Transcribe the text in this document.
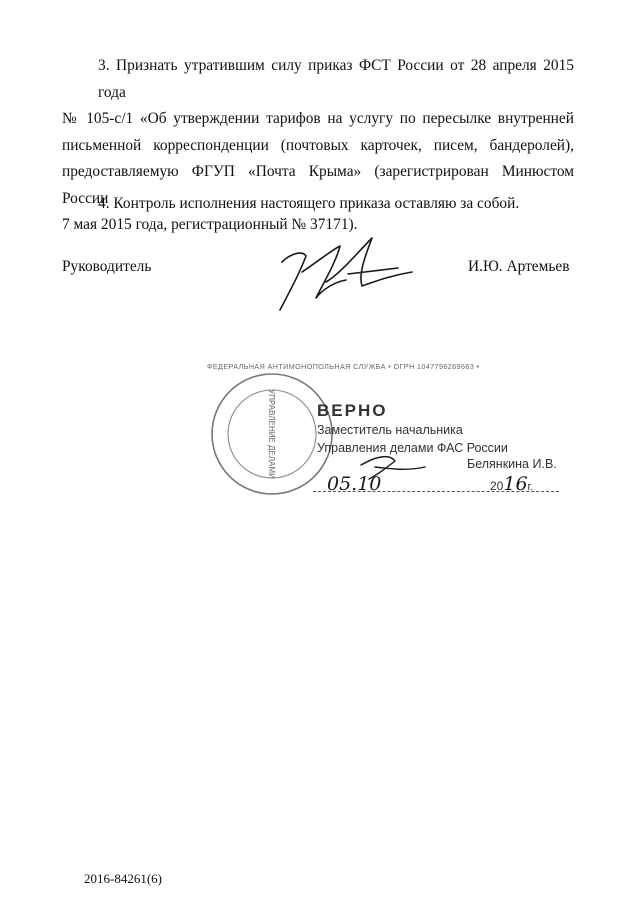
3. Признать утратившим силу приказ ФСТ России от 28 апреля 2015 года
№ 105-с/1 «Об утверждении тарифов на услугу по пересылке внутренней
письменной корреспонденции (почтовых карточек, писем, бандеролей),
предоставляемую ФГУП «Почта Крыма» (зарегистрирован Минюстом России
7 мая 2015 года, регистрационный № 37171).
4. Контроль исполнения настоящего приказа оставляю за собой.
Руководитель	И.Ю. Артемьев
ФЕДЕРАЛЬНАЯ АНТИМОНОПОЛЬНАЯ СЛУЖБА • ОГРН 1047796269663 •
УПРАВЛЕНИЕ ДЕЛАМИ ВЕРНО
Заместитель начальника
Управления делами ФАС России
Белянкина И.В.
05.10	2016г.
2016-84261(6)
